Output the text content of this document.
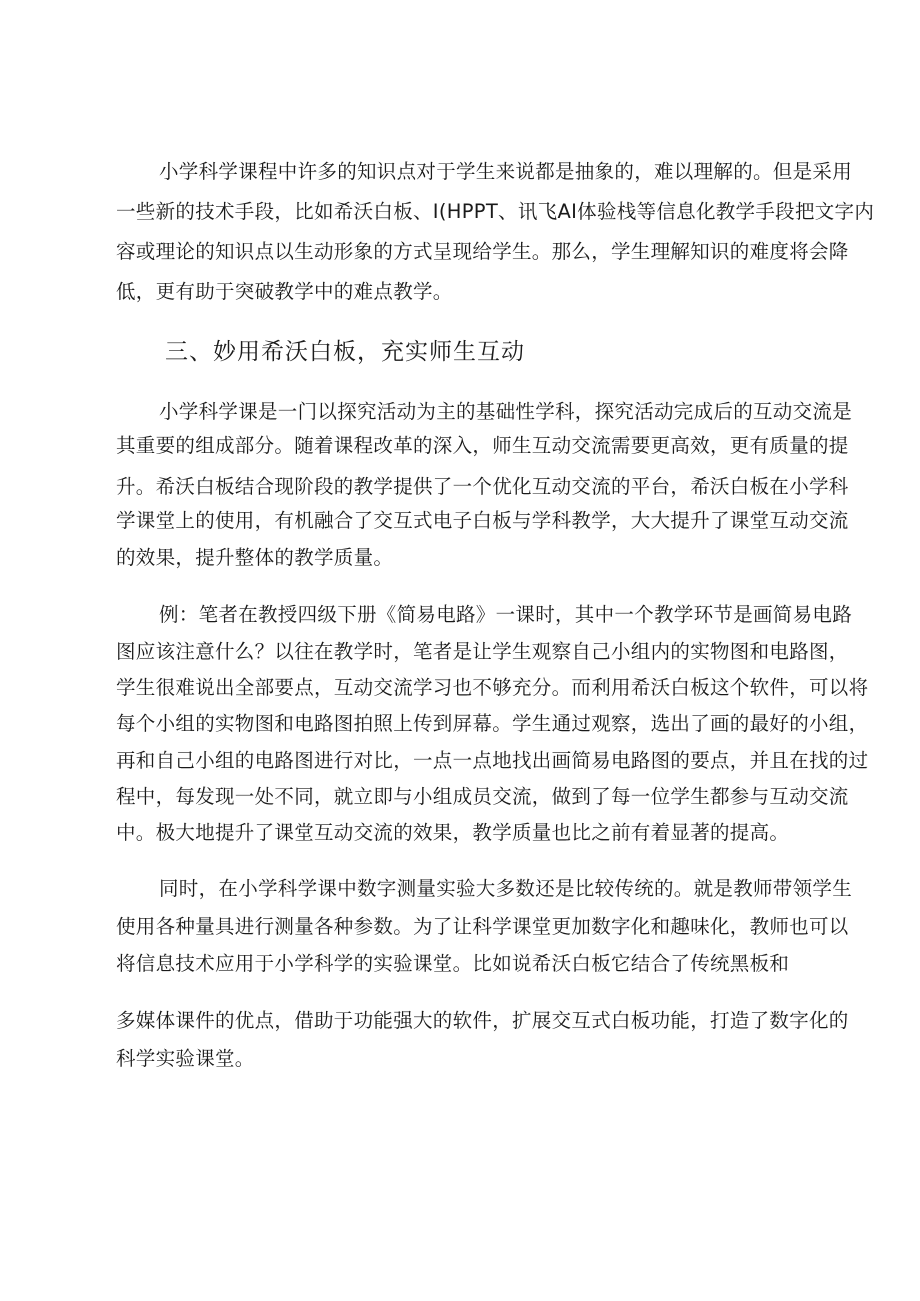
小学科学课程中许多的知识点对于学生来说都是抽象的，难以理解的。但是采用
一些新的技术手段，比如希沃白板、I(HPPT、讯飞AI体验栈等信息化教学手段把文字内
容或理论的知识点以生动形象的方式呈现给学生。那么，学生理解知识的难度将会降
低，更有助于突破教学中的难点教学。
三、妙用希沃白板，充实师生互动
小学科学课是一门以探究活动为主的基础性学科，探究活动完成后的互动交流是
其重要的组成部分。随着课程改革的深入，师生互动交流需要更高效，更有质量的提
升。希沃白板结合现阶段的教学提供了一个优化互动交流的平台，希沃白板在小学科
学课堂上的使用，有机融合了交互式电子白板与学科教学，大大提升了课堂互动交流
的效果，提升整体的教学质量。
例：笔者在教授四级下册《简易电路》一课时，其中一个教学环节是画简易电路
图应该注意什么？以往在教学时，笔者是让学生观察自己小组内的实物图和电路图，
学生很难说出全部要点，互动交流学习也不够充分。而利用希沃白板这个软件，可以将
每个小组的实物图和电路图拍照上传到屏幕。学生通过观察，选出了画的最好的小组，
再和自己小组的电路图进行对比，一点一点地找出画简易电路图的要点，并且在找的过
程中，每发现一处不同，就立即与小组成员交流，做到了每一位学生都参与互动交流
中。极大地提升了课堂互动交流的效果，教学质量也比之前有着显著的提高。
同时，在小学科学课中数字测量实验大多数还是比较传统的。就是教师带领学生
使用各种量具进行测量各种参数。为了让科学课堂更加数字化和趣味化，教师也可以
将信息技术应用于小学科学的实验课堂。比如说希沃白板它结合了传统黑板和
多媒体课件的优点，借助于功能强大的软件，扩展交互式白板功能，打造了数字化的
科学实验课堂。
